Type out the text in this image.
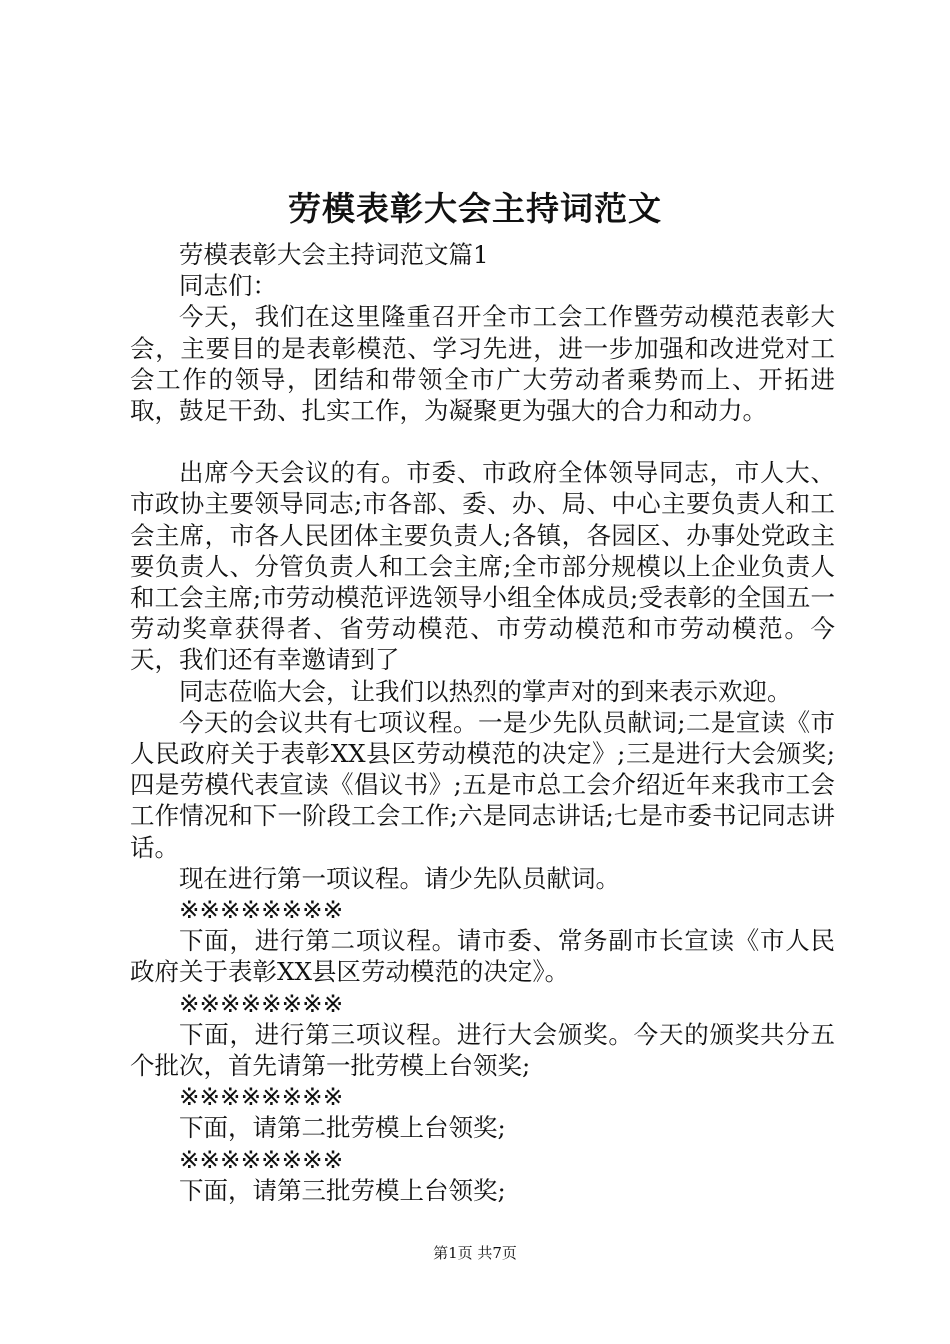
劳模表彰大会主持词范文

劳模表彰大会主持词范文篇1

同志们：

今天，我们在这里隆重召开全市工会工作暨劳动模范表彰大会，主要目的是表彰模范、学习先进，进一步加强和改进党对工会工作的领导，团结和带领全市广大劳动者乘势而上、开拓进取，鼓足干劲、扎实工作，为凝聚更为强大的合力和动力。

出席今天会议的有。市委、市政府全体领导同志，市人大、市政协主要领导同志;市各部、委、办、局、中心主要负责人和工会主席，市各人民团体主要负责人;各镇，各园区、办事处党政主要负责人、分管负责人和工会主席;全市部分规模以上企业负责人和工会主席;市劳动模范评选领导小组全体成员;受表彰的全国五一劳动奖章获得者、省劳动模范、市劳动模范和市劳动模范。今天，我们还有幸邀请到了

同志莅临大会，让我们以热烈的掌声对的到来表示欢迎。

今天的会议共有七项议程。一是少先队员献词;二是宣读《市人民政府关于表彰XX县区劳动模范的决定》;三是进行大会颁奖;四是劳模代表宣读《倡议书》;五是市总工会介绍近年来我市工会工作情况和下一阶段工会工作;六是同志讲话;七是市委书记同志讲话。

现在进行第一项议程。请少先队员献词。

※※※※※※※※

下面，进行第二项议程。请市委、常务副市长宣读《市人民政府关于表彰XX县区劳动模范的决定》。

※※※※※※※※

下面，进行第三项议程。进行大会颁奖。今天的颁奖共分五个批次，首先请第一批劳模上台领奖;

※※※※※※※※

下面，请第二批劳模上台领奖;

※※※※※※※※

下面，请第三批劳模上台领奖;

第1页 共7页
